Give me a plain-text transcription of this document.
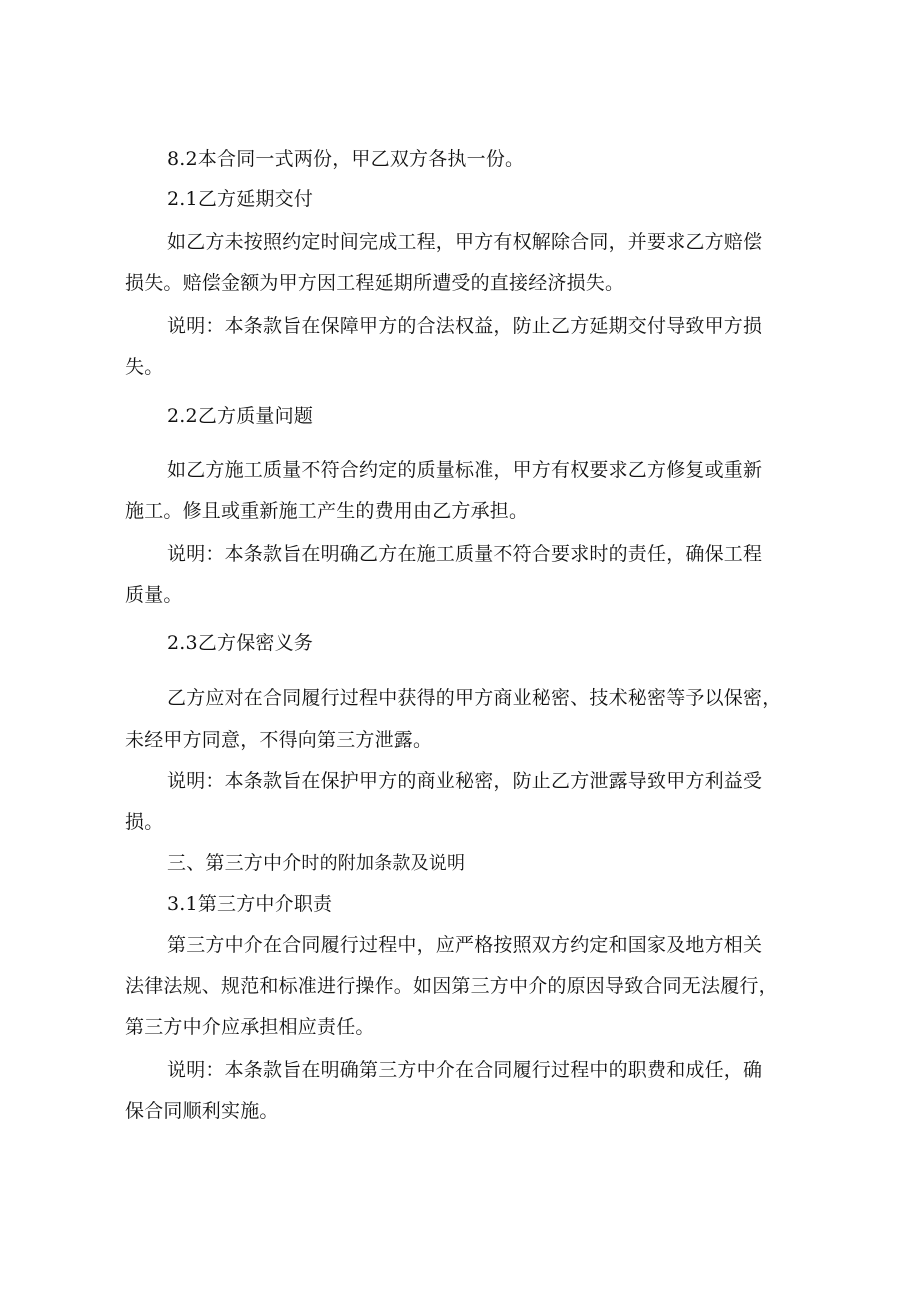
8.2本合同一式两份，甲乙双方各执一份。
2.1乙方延期交付
如乙方未按照约定时间完成工程，甲方有权解除合同，并要求乙方赔偿
损失。赔偿金额为甲方因工程延期所遭受的直接经济损失。
说明：本条款旨在保障甲方的合法权益，防止乙方延期交付导致甲方损
失。
2.2乙方质量问题
如乙方施工质量不符合约定的质量标准，甲方有权要求乙方修复或重新
施工。修且或重新施工产生的费用由乙方承担。
说明：本条款旨在明确乙方在施工质量不符合要求时的责任，确保工程
质量。
2.3乙方保密义务
乙方应对在合同履行过程中获得的甲方商业秘密、技术秘密等予以保密，
未经甲方同意，不得向第三方泄露。
说明：本条款旨在保护甲方的商业秘密，防止乙方泄露导致甲方利益受
损。
三、第三方中介时的附加条款及说明
3.1第三方中介职责
第三方中介在合同履行过程中，应严格按照双方约定和国家及地方相关
法律法规、规范和标准进行操作。如因第三方中介的原因导致合同无法履行，
第三方中介应承担相应责任。
说明：本条款旨在明确第三方中介在合同履行过程中的职费和成任，确
保合同顺利实施。
